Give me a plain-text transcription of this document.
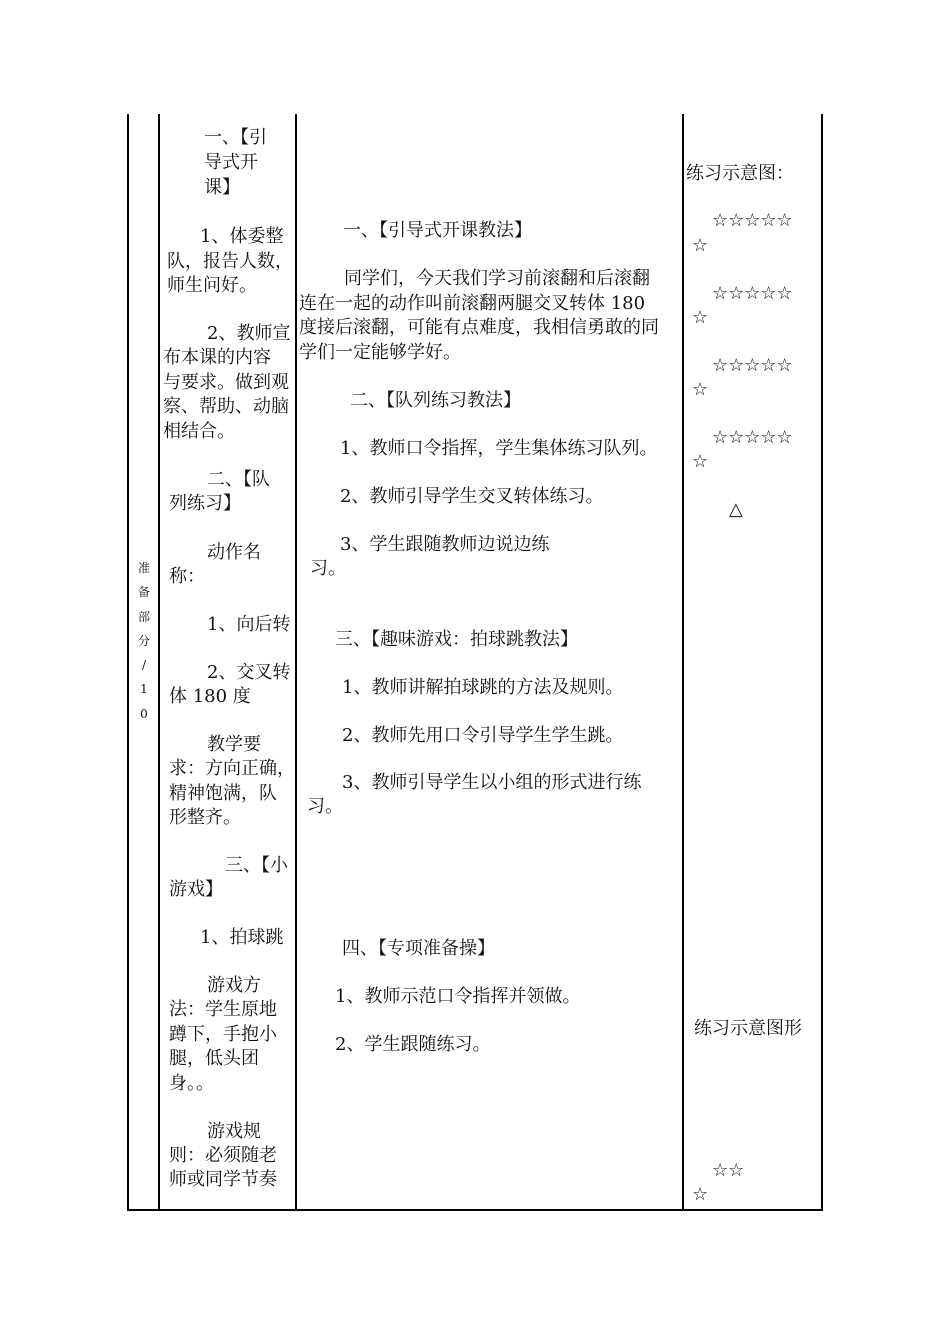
准
备
部
分
/
1
0
一、【引
导式开
课】
1、体委整
队，报告人数，
师生问好。
2、教师宣
布本课的内容
与要求。做到观
察、帮助、动脑
相结合。
二、【队
列练习】
动作名
称：
1、向后转
2、交叉转
体 180 度
教学要
求：方向正确，
精神饱满，队
形整齐。
三、【小
游戏】
1、拍球跳
游戏方
法：学生原地
蹲下，手抱小
腿，低头团
身。。
游戏规
则：必须随老
师或同学节奏
一、【引导式开课教法】
同学们，今天我们学习前滚翻和后滚翻
连在一起的动作叫前滚翻两腿交叉转体 180
度接后滚翻，可能有点难度，我相信勇敢的同
学们一定能够学好。
二、【队列练习教法】
1、教师口令指挥，学生集体练习队列。
2、教师引导学生交叉转体练习。
3、学生跟随教师边说边练
习。
三、【趣味游戏：拍球跳教法】
1、教师讲解拍球跳的方法及规则。
2、教师先用口令引导学生学生跳。
3、教师引导学生以小组的形式进行练
习。
四、【专项准备操】
1、教师示范口令指挥并领做。
2、学生跟随练习。
练习示意图：
☆☆☆☆☆
☆
☆☆☆☆☆
☆
☆☆☆☆☆
☆
☆☆☆☆☆
☆
△
练习示意图形
☆☆
☆
